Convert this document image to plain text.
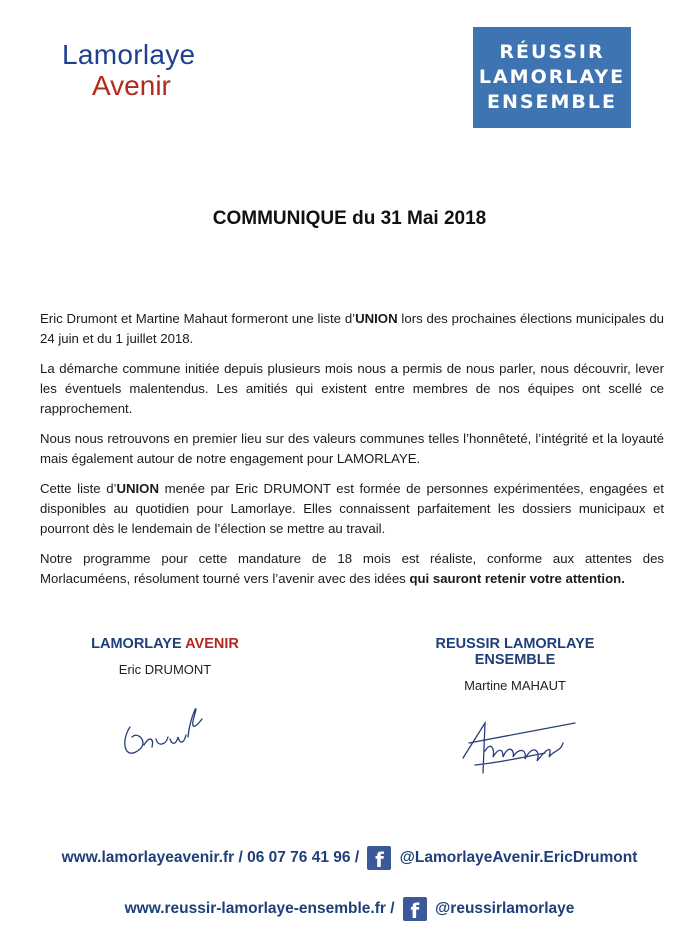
Lamorlaye
Avenir
RÉUSSIR
LAMORLAYE
ENSEMBLE
COMMUNIQUE du 31 Mai 2018

Eric Drumont et Martine Mahaut formeront une liste d’UNION lors des prochaines élections municipales du 24 juin et du 1 juillet 2018.

La démarche commune initiée depuis plusieurs mois nous a permis de nous parler, nous découvrir, lever les éventuels malentendus. Les amitiés qui existent entre membres de nos équipes ont scellé ce rapprochement.

Nous nous retrouvons en premier lieu sur des valeurs communes telles l’honnêteté, l’intégrité et la loyauté mais également autour de notre engagement pour LAMORLAYE.

Cette liste d’UNION menée par Eric DRUMONT est formée de personnes expérimentées, engagées et disponibles au quotidien pour Lamorlaye. Elles connaissent parfaitement les dossiers municipaux et pourront dès le lendemain de l’élection se mettre au travail.

Notre programme pour cette mandature de 18 mois est réaliste, conforme aux attentes des Morlacuméens, résolument tourné vers l’avenir avec des idées qui sauront retenir votre attention.

LAMORLAYE AVENIR
Eric DRUMONT
REUSSIR LAMORLAYE ENSEMBLE
Martine MAHAUT
www.lamorlayeavenir.fr / 06 07 76 41 96 / f @LamorlayeAvenir.EricDrumont
www.reussir-lamorlaye-ensemble.fr / f @reussirlamorlaye
